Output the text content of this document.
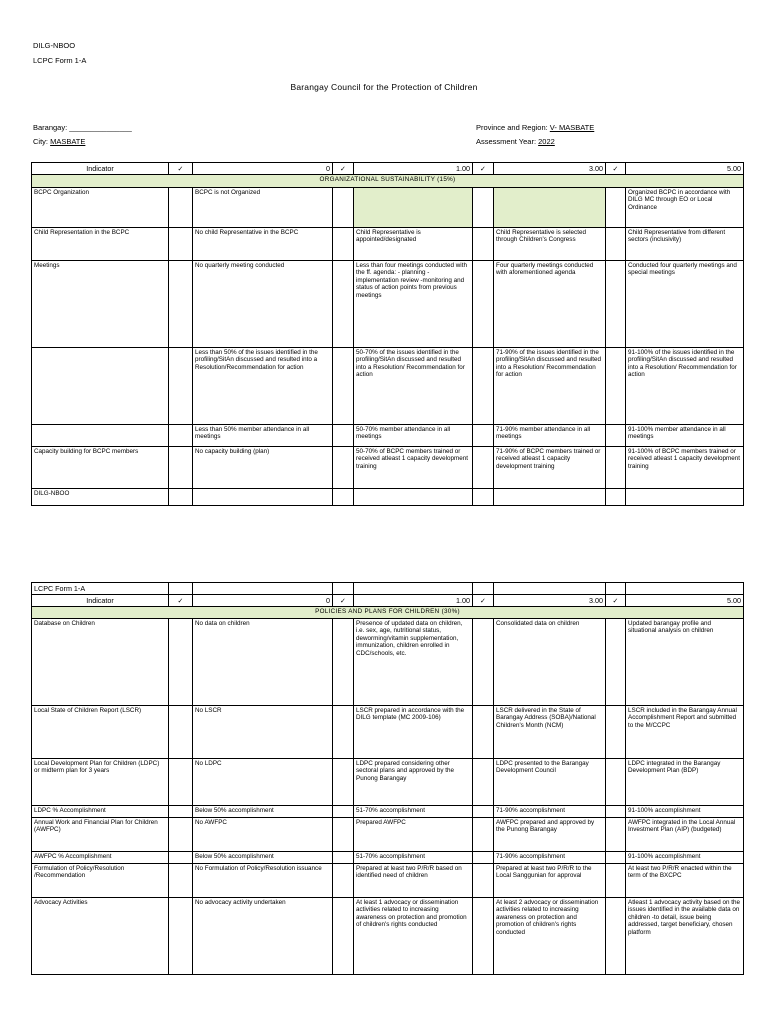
DILG-NBOO
LCPC Form 1-A
Barangay Council for the Protection of Children
Barangay: _______________
City: MASBATE
Province and Region: V- MASBATE
Assessment Year: 2022
Indicator	✓	0	✓	1.00	✓	3.00	✓	5.00
ORGANIZATIONAL SUSTAINABILITY (15%)								
BCPC Organization		BCPC is not Organized						Organized BCPC in accordance with DILG MC through EO or Local Ordinance
Child Representation in the BCPC		No child Representative in the BCPC		Child Representative is appointed/designated		Child Representative is selected through Children's Congress		Child Representative from different sectors (inclusivity)
Meetings		No quarterly meeting conducted		Less than four meetings conducted with the ff. agenda: - planning -implementation review -monitoring and status of action points from previous meetings		Four quarterly meetings conducted with aforementioned agenda		Conducted four quarterly meetings and special meetings
		Less than 50% of the issues identified in the profiling/SitAn discussed and resulted into a Resolution/Recommendation for action		50-70% of the issues identified in the profiling/SitAn discussed and resulted into a Resolution/ Recommendation for action		71-90% of the issues identified in the profiling/SitAn discussed and resulted into a Resolution/ Recommendation for action		91-100% of the issues identified in the profiling/SitAn discussed and resulted into a Resolution/ Recommendation for action
		Less than 50% member attendance in all meetings		50-70% member attendance in all meetings		71-90% member attendance in all meetings		91-100% member attendance in all meetings
Capacity building for BCPC members		No capacity building (plan)		50-70% of BCPC members trained or received atleast 1 capacity development training		71-90% of BCPC members trained or received atleast 1 capacity development training		91-100% of BCPC members trained or received atleast 1 capacity development training
DILG-NBOO								
LCPC Form 1-A								
Indicator	✓	0	✓	1.00	✓	3.00	✓	5.00
POLICIES AND PLANS FOR CHILDREN (30%)								
Database on Children		No data on children		Presence of updated data on children, i.e. sex, age, nutritional status, deworming/vitamin supplementation, immunization, children enrolled in CDC/schools, etc.		Consolidated data on children		Updated barangay profile and situational analysis on children
Local State of Children Report (LSCR)		No LSCR		LSCR prepared in accordance with the DILG template (MC 2009-106)		LSCR delivered in the State of Barangay Address (SOBA)/National Children's Month (NCM)		LSCR included in the Barangay Annual Accomplishment Report and submitted to the M/CCPC
Local Development Plan for Children (LDPC) or midterm plan for 3 years		No LDPC		LDPC prepared considering other sectoral plans and approved by the Punong Barangay		LDPC presented to the Barangay Development Council		LDPC integrated in the Barangay Development Plan (BDP)
LDPC % Accomplishment		Below 50% accomplishment		51-70% accomplishment		71-90% accomplishment		91-100% accomplishment
Annual Work and Financial Plan for Children (AWFPC)		No AWFPC		Prepared AWFPC		AWFPC prepared and approved by the Punong Barangay		AWFPC integrated in the Local Annual Investment Plan (AIP) (budgeted)
AWFPC % Accomplishment		Below 50% accomplishment		51-70% accomplishment		71-90% accomplishment		91-100% accomplishment
Formulation of Policy/Resolution /Recommendation		No Formulation of Policy/Resolution issuance		Prepared at least two P/R/R based on identified need of children		Prepared at least two P/R/R to the Local Sanggunian for approval		At least two P/R/R enacted within the term of the BXCPC
Advocacy Activities		No advocacy activity undertaken		At least 1 advocacy or dissemination activities related to increasing awareness on protection and promotion of children's rights conducted		At least 2 advocacy or dissemination activities related to increasing awareness on protection and promotion of children's rights conducted		Atleast 1 advocacy activity based on the issues identified in the available data on children -to detail, issue being addressed, target beneficiary, chosen platform
